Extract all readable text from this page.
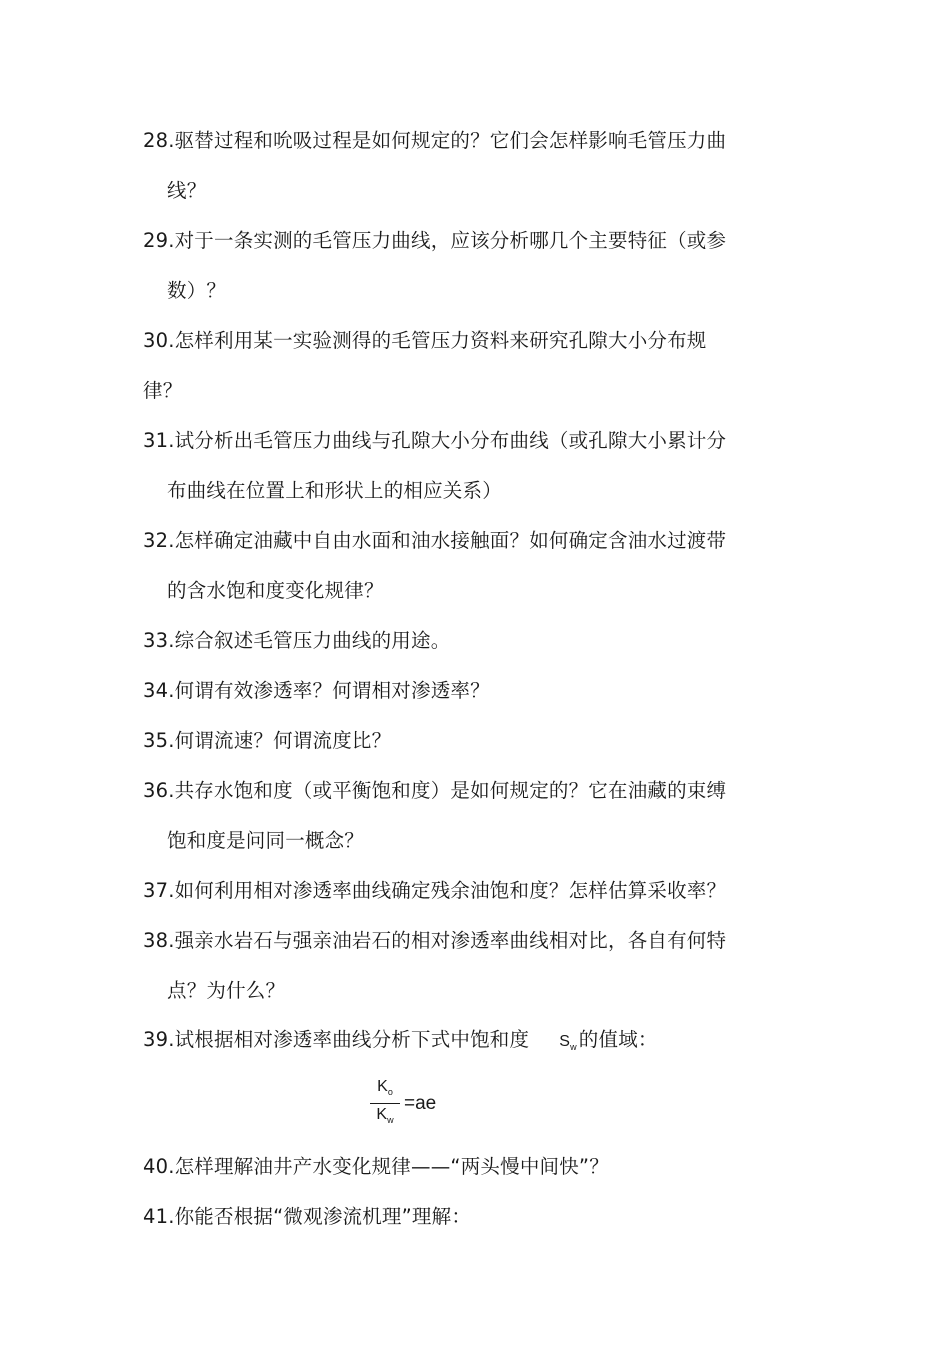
28.驱替过程和吮吸过程是如何规定的？它们会怎样影响毛管压力曲
线？
29.对于一条实测的毛管压力曲线，应该分析哪几个主要特征（或参
数）？
30.怎样利用某一实验测得的毛管压力资料来研究孔隙大小分布规
律？
31.试分析出毛管压力曲线与孔隙大小分布曲线（或孔隙大小累计分
布曲线在位置上和形状上的相应关系）
32.怎样确定油藏中自由水面和油水接触面？如何确定含油水过渡带
的含水饱和度变化规律？
33.综合叙述毛管压力曲线的用途。
34.何谓有效渗透率？何谓相对渗透率？
35.何谓流速？何谓流度比？
36.共存水饱和度（或平衡饱和度）是如何规定的？它在油藏的束缚
饱和度是问同一概念？
37.如何利用相对渗透率曲线确定残余油饱和度？怎样估算采收率？
38.强亲水岩石与强亲油岩石的相对渗透率曲线相对比，各自有何特
点？为什么？
39.试根据相对渗透率曲线分析下式中饱和度 $S_w$ 的值域：
$\frac{K_o}{K_w} =ae$
40.怎样理解油井产水变化规律——“两头慢中间快”？
41.你能否根据“微观渗流机理”理解：
